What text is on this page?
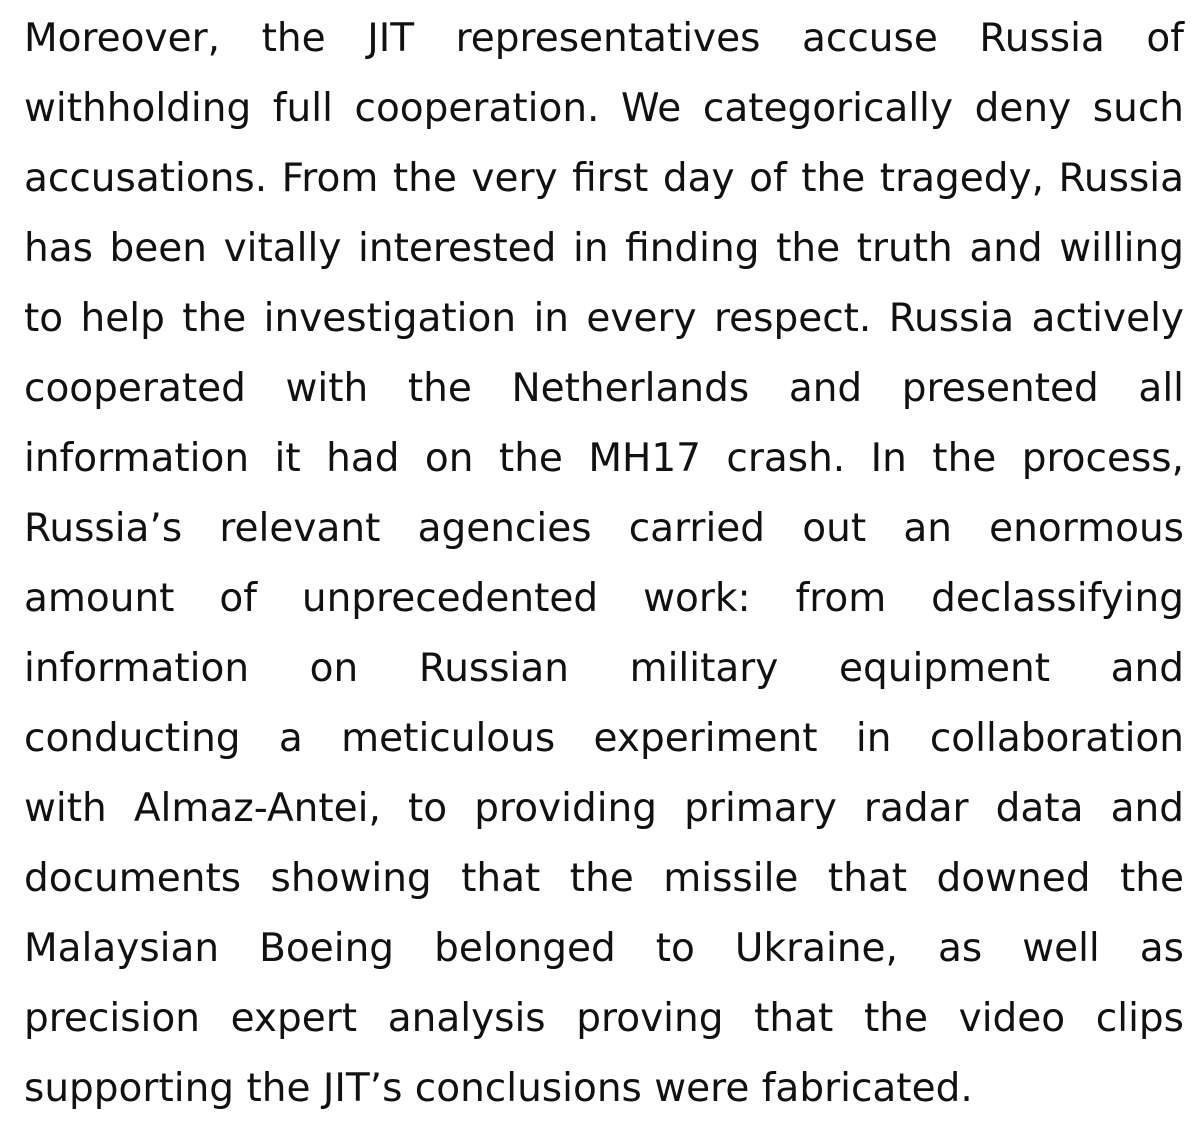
Moreover, the JIT representatives accuse Russia of
withholding full cooperation. We categorically deny such
accusations. From the very first day of the tragedy, Russia
has been vitally interested in finding the truth and willing
to help the investigation in every respect. Russia actively
cooperated with the Netherlands and presented all
information it had on the MH17 crash. In the process,
Russia’s relevant agencies carried out an enormous
amount of unprecedented work: from declassifying
information on Russian military equipment and
conducting a meticulous experiment in collaboration
with Almaz-Antei, to providing primary radar data and
documents showing that the missile that downed the
Malaysian Boeing belonged to Ukraine, as well as
precision expert analysis proving that the video clips
supporting the JIT’s conclusions were fabricated.
